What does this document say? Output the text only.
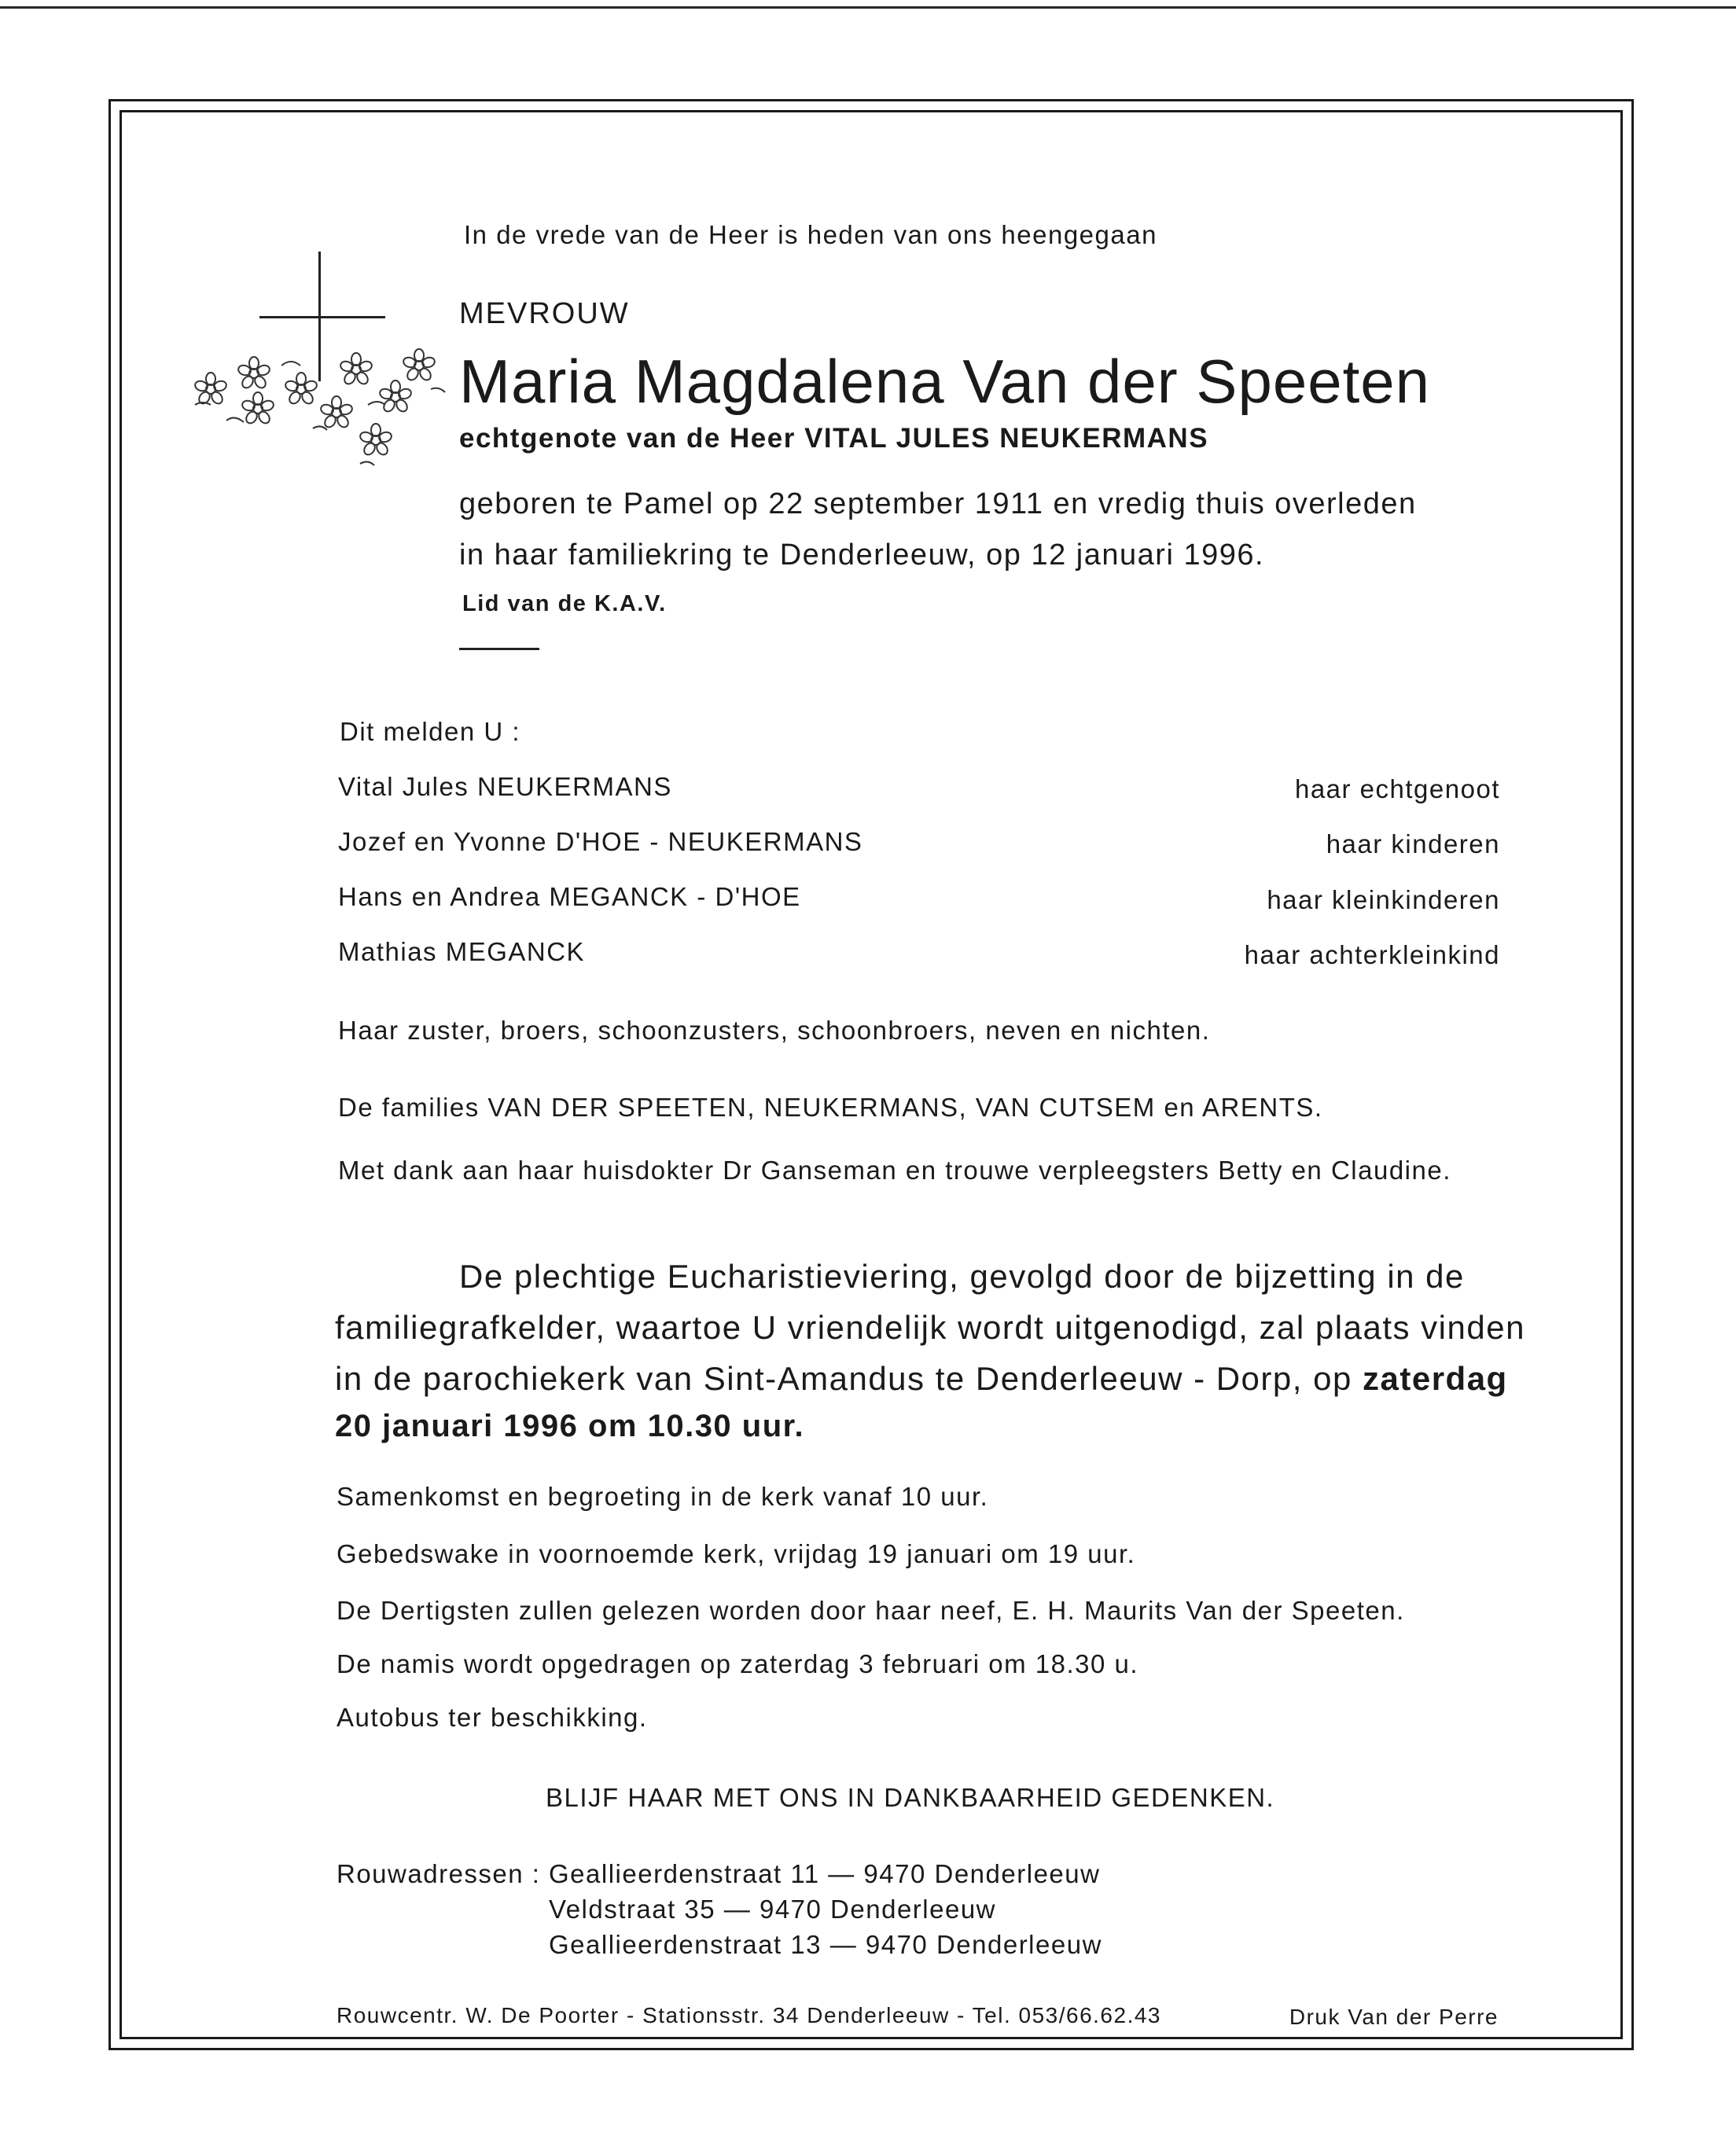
In de vrede van de Heer is heden van ons heengegaan
MEVROUW
Maria Magdalena Van der Speeten
echtgenote van de Heer VITAL JULES NEUKERMANS
geboren te Pamel op 22 september 1911 en vredig thuis overleden
in haar familiekring te Denderleeuw, op 12 januari 1996.
Lid van de K.A.V.
Dit melden U :
Vital Jules NEUKERMANS	haar echtgenoot
Jozef en Yvonne D'HOE - NEUKERMANS	haar kinderen
Hans en Andrea MEGANCK - D'HOE	haar kleinkinderen
Mathias MEGANCK	haar achterkleinkind
Haar zuster, broers, schoonzusters, schoonbroers, neven en nichten.
De families VAN DER SPEETEN, NEUKERMANS, VAN CUTSEM en ARENTS.
Met dank aan haar huisdokter Dr Ganseman en trouwe verpleegsters Betty en Claudine.
De plechtige Eucharistieviering, gevolgd door de bijzetting in de
familiegrafkelder, waartoe U vriendelijk wordt uitgenodigd, zal plaats vinden
in de parochiekerk van Sint-Amandus te Denderleeuw - Dorp, op zaterdag
20 januari 1996 om 10.30 uur.
Samenkomst en begroeting in de kerk vanaf 10 uur.
Gebedswake in voornoemde kerk, vrijdag 19 januari om 19 uur.
De Dertigsten zullen gelezen worden door haar neef, E. H. Maurits Van der Speeten.
De namis wordt opgedragen op zaterdag 3 februari om 18.30 u.
Autobus ter beschikking.
BLIJF HAAR MET ONS IN DANKBAARHEID GEDENKEN.
Rouwadressen : Geallieerdenstraat 11 — 9470 Denderleeuw
Veldstraat 35 — 9470 Denderleeuw
Geallieerdenstraat 13 — 9470 Denderleeuw
Rouwcentr. W. De Poorter - Stationsstr. 34 Denderleeuw - Tel. 053/66.62.43	Druk Van der Perre
